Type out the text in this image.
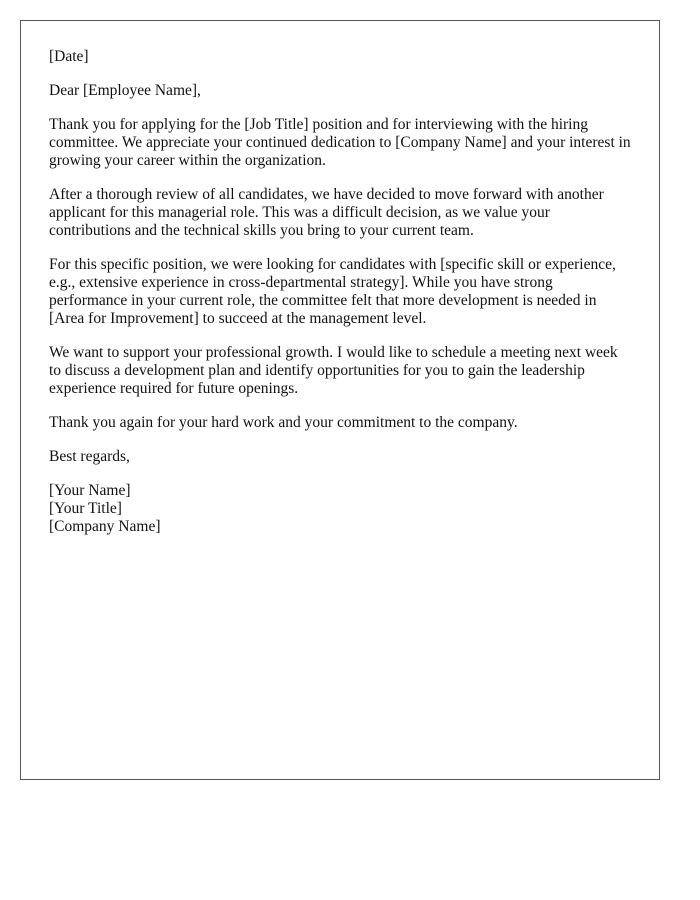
[Date]

Dear [Employee Name],

Thank you for applying for the [Job Title] position and for interviewing with the hiring committee. We appreciate your continued dedication to [Company Name] and your interest in growing your career within the organization.

After a thorough review of all candidates, we have decided to move forward with another applicant for this managerial role. This was a difficult decision, as we value your contributions and the technical skills you bring to your current team.

For this specific position, we were looking for candidates with [specific skill or experience, e.g., extensive experience in cross-departmental strategy]. While you have strong performance in your current role, the committee felt that more development is needed in [Area for Improvement] to succeed at the management level.

We want to support your professional growth. I would like to schedule a meeting next week to discuss a development plan and identify opportunities for you to gain the leadership experience required for future openings.

Thank you again for your hard work and your commitment to the company.

Best regards,

[Your Name]
[Your Title]
[Company Name]
